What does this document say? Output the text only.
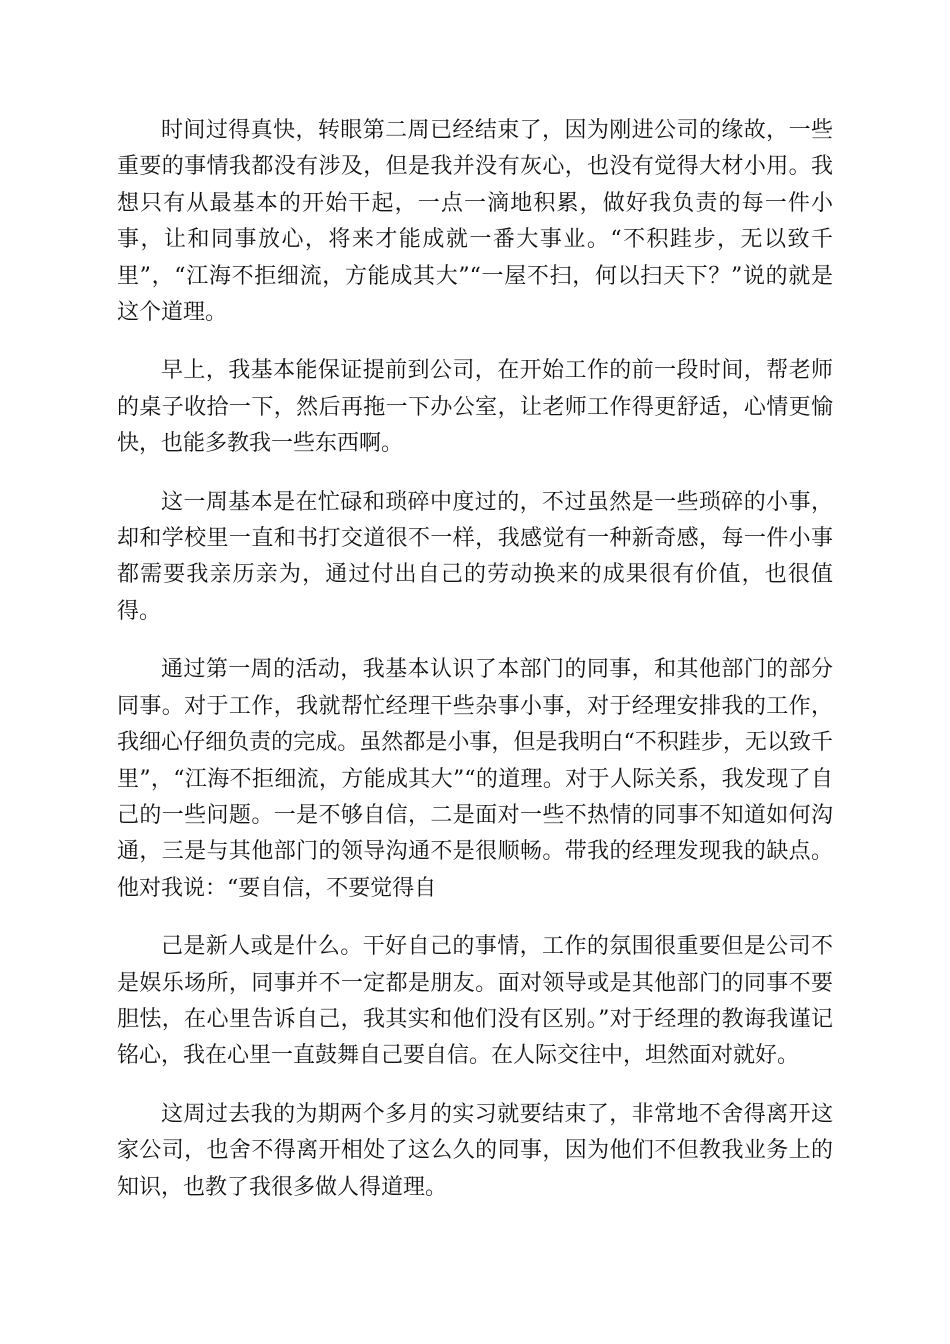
时间过得真快，转眼第二周已经结束了，因为刚进公司的缘故，一些重要的事情我都没有涉及，但是我并没有灰心，也没有觉得大材小用。我想只有从最基本的开始干起，一点一滴地积累，做好我负责的每一件小事，让和同事放心，将来才能成就一番大事业。“不积跬步，无以致千里”，“江海不拒细流，方能成其大”“一屋不扫，何以扫天下？”说的就是这个道理。

早上，我基本能保证提前到公司，在开始工作的前一段时间，帮老师的桌子收拾一下，然后再拖一下办公室，让老师工作得更舒适，心情更愉快，也能多教我一些东西啊。

这一周基本是在忙碌和琐碎中度过的，不过虽然是一些琐碎的小事，却和学校里一直和书打交道很不一样，我感觉有一种新奇感，每一件小事都需要我亲历亲为，通过付出自己的劳动换来的成果很有价值，也很值得。

通过第一周的活动，我基本认识了本部门的同事，和其他部门的部分同事。对于工作，我就帮忙经理干些杂事小事，对于经理安排我的工作，我细心仔细负责的完成。虽然都是小事，但是我明白“不积跬步，无以致千里”，“江海不拒细流，方能成其大”“的道理。对于人际关系，我发现了自己的一些问题。一是不够自信，二是面对一些不热情的同事不知道如何沟通，三是与其他部门的领导沟通不是很顺畅。带我的经理发现我的缺点。他对我说：“要自信，不要觉得自

己是新人或是什么。干好自己的事情，工作的氛围很重要但是公司不是娱乐场所，同事并不一定都是朋友。面对领导或是其他部门的同事不要胆怯，在心里告诉自己，我其实和他们没有区别。”对于经理的教诲我谨记铭心，我在心里一直鼓舞自己要自信。在人际交往中，坦然面对就好。

这周过去我的为期两个多月的实习就要结束了，非常地不舍得离开这家公司，也舍不得离开相处了这么久的同事，因为他们不但教我业务上的知识，也教了我很多做人得道理。
